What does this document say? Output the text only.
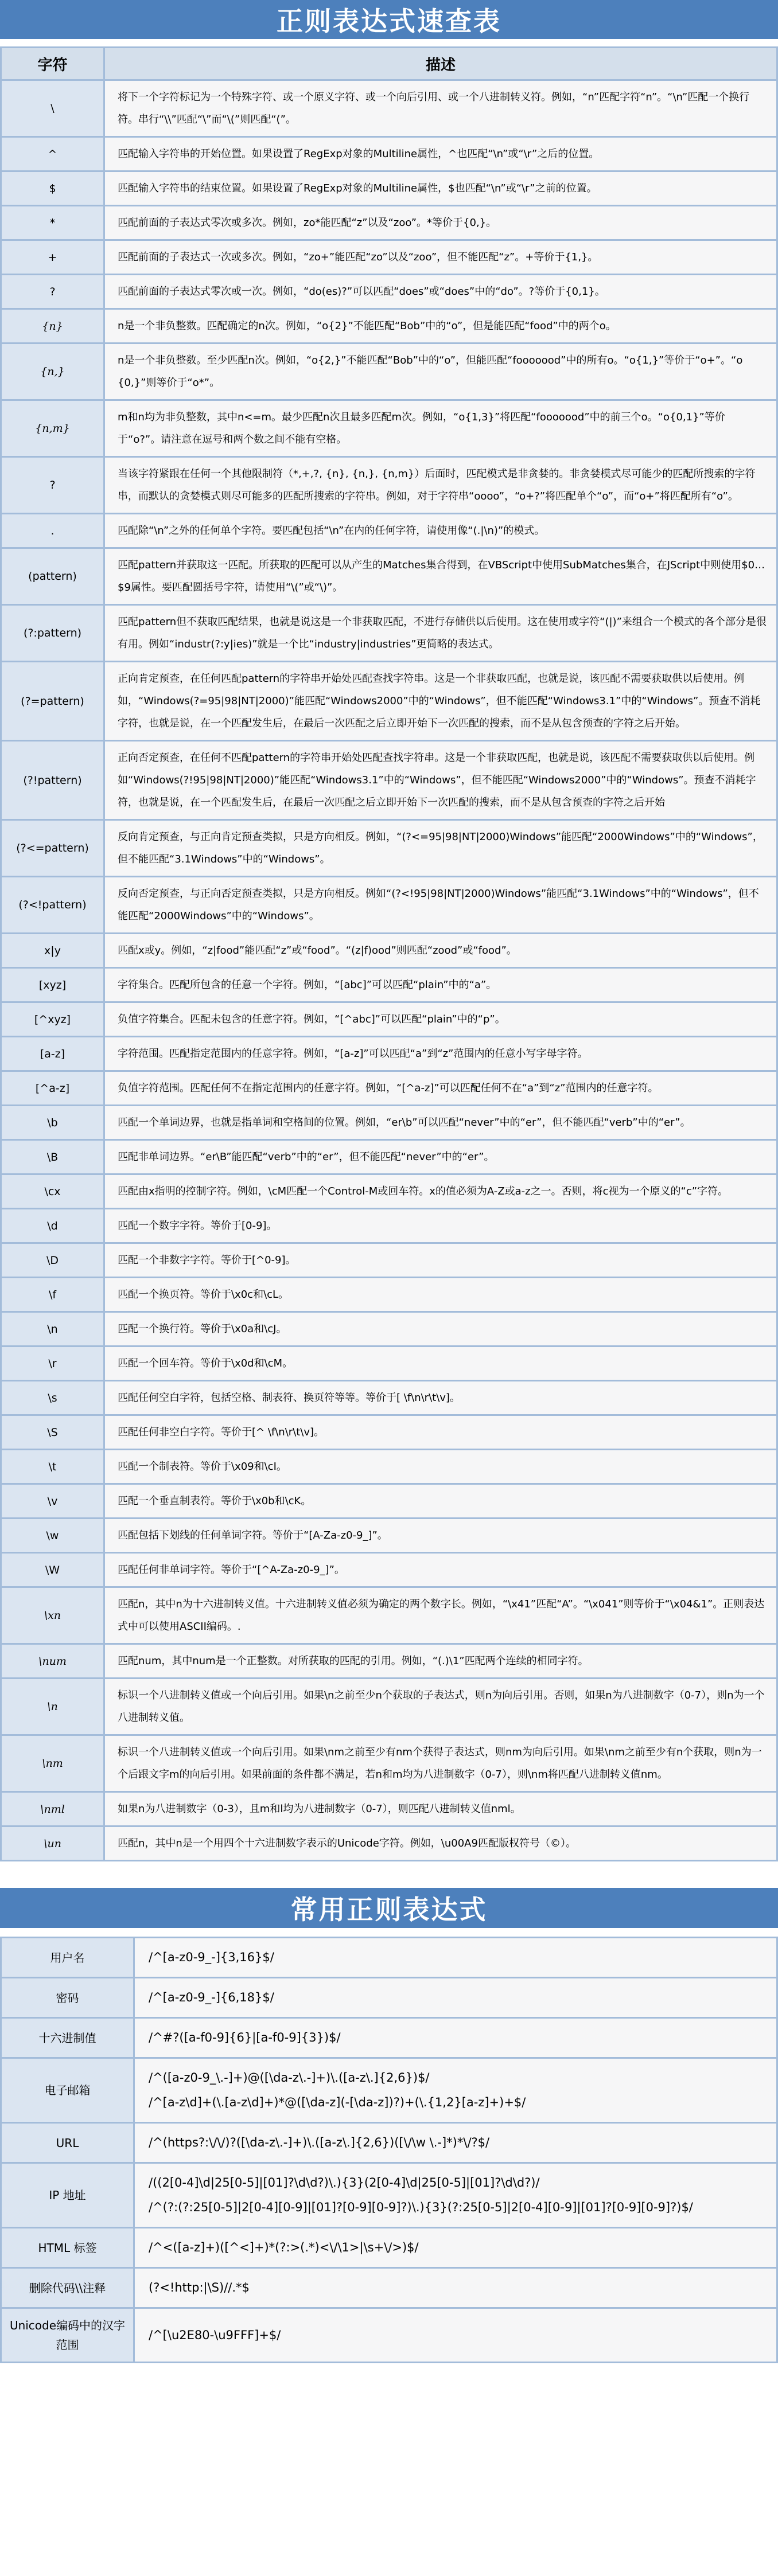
正则表达式速查表
字符	描述
\	将下一个字符标记为一个特殊字符、或一个原义字符、或一个向后引用、或一个八进制转义符。例如，“n”匹配字符“n”。“\n”匹配一个换行符。串行“\\”匹配“\”而“\(”则匹配“(”。
^	匹配输入字符串的开始位置。如果设置了RegExp对象的Multiline属性，^也匹配“\n”或“\r”之后的位置。
$	匹配输入字符串的结束位置。如果设置了RegExp对象的Multiline属性，$也匹配“\n”或“\r”之前的位置。
*	匹配前面的子表达式零次或多次。例如，zo*能匹配“z”以及“zoo”。*等价于{0,}。
+	匹配前面的子表达式一次或多次。例如，“zo+”能匹配“zo”以及“zoo”，但不能匹配“z”。+等价于{1,}。
?	匹配前面的子表达式零次或一次。例如，“do(es)?”可以匹配“does”或“does”中的“do”。?等价于{0,1}。
{n}	n是一个非负整数。匹配确定的n次。例如，“o{2}”不能匹配“Bob”中的“o”，但是能匹配“food”中的两个o。
{n,}	n是一个非负整数。至少匹配n次。例如，“o{2,}”不能匹配“Bob”中的“o”，但能匹配“fooooood”中的所有o。“o{1,}”等价于“o+”。“o{0,}”则等价于“o*”。
{n,m}	m和n均为非负整数，其中n<=m。最少匹配n次且最多匹配m次。例如，“o{1,3}”将匹配“fooooood”中的前三个o。“o{0,1}”等价于“o?”。请注意在逗号和两个数之间不能有空格。
?	当该字符紧跟在任何一个其他限制符（*,+,?, {n}, {n,}, {n,m}）后面时，匹配模式是非贪婪的。非贪婪模式尽可能少的匹配所搜索的字符串，而默认的贪婪模式则尽可能多的匹配所搜索的字符串。例如，对于字符串“oooo”，“o+?”将匹配单个“o”，而“o+”将匹配所有“o”。
.	匹配除“\n”之外的任何单个字符。要匹配包括“\n”在内的任何字符，请使用像“(.|\n)”的模式。
(pattern)	匹配pattern并获取这一匹配。所获取的匹配可以从产生的Matches集合得到，在VBScript中使用SubMatches集合，在JScript中则使用$0…$9属性。要匹配圆括号字符，请使用“\(”或“\)”。
(?:pattern)	匹配pattern但不获取匹配结果，也就是说这是一个非获取匹配，不进行存储供以后使用。这在使用或字符“(|)”来组合一个模式的各个部分是很有用。例如“industr(?:y|ies)”就是一个比“industry|industries”更简略的表达式。
(?=pattern)	正向肯定预查，在任何匹配pattern的字符串开始处匹配查找字符串。这是一个非获取匹配，也就是说，该匹配不需要获取供以后使用。例如，“Windows(?=95|98|NT|2000)”能匹配“Windows2000”中的“Windows”，但不能匹配“Windows3.1”中的“Windows”。预查不消耗字符，也就是说，在一个匹配发生后，在最后一次匹配之后立即开始下一次匹配的搜索，而不是从包含预查的字符之后开始。
(?!pattern)	正向否定预查，在任何不匹配pattern的字符串开始处匹配查找字符串。这是一个非获取匹配，也就是说，该匹配不需要获取供以后使用。例如“Windows(?!95|98|NT|2000)”能匹配“Windows3.1”中的“Windows”，但不能匹配“Windows2000”中的“Windows”。预查不消耗字符，也就是说，在一个匹配发生后，在最后一次匹配之后立即开始下一次匹配的搜索，而不是从包含预查的字符之后开始
(?<=pattern)	反向肯定预查，与正向肯定预查类拟，只是方向相反。例如，“(?<=95|98|NT|2000)Windows”能匹配“2000Windows”中的“Windows”，但不能匹配“3.1Windows”中的“Windows”。
(?<!pattern)	反向否定预查，与正向否定预查类拟，只是方向相反。例如“(?<!95|98|NT|2000)Windows”能匹配“3.1Windows”中的“Windows”，但不能匹配“2000Windows”中的“Windows”。
x|y	匹配x或y。例如，“z|food”能匹配“z”或“food”。“(z|f)ood”则匹配“zood”或“food”。
[xyz]	字符集合。匹配所包含的任意一个字符。例如，“[abc]”可以匹配“plain”中的“a”。
[^xyz]	负值字符集合。匹配未包含的任意字符。例如，“[^abc]”可以匹配“plain”中的“p”。
[a-z]	字符范围。匹配指定范围内的任意字符。例如，“[a-z]”可以匹配“a”到“z”范围内的任意小写字母字符。
[^a-z]	负值字符范围。匹配任何不在指定范围内的任意字符。例如，“[^a-z]”可以匹配任何不在“a”到“z”范围内的任意字符。
\b	匹配一个单词边界，也就是指单词和空格间的位置。例如，“er\b”可以匹配“never”中的“er”，但不能匹配“verb”中的“er”。
\B	匹配非单词边界。“er\B”能匹配“verb”中的“er”，但不能匹配“never”中的“er”。
\cx	匹配由x指明的控制字符。例如，\cM匹配一个Control-M或回车符。x的值必须为A-Z或a-z之一。否则，将c视为一个原义的“c”字符。
\d	匹配一个数字字符。等价于[0-9]。
\D	匹配一个非数字字符。等价于[^0-9]。
\f	匹配一个换页符。等价于\x0c和\cL。
\n	匹配一个换行符。等价于\x0a和\cJ。
\r	匹配一个回车符。等价于\x0d和\cM。
\s	匹配任何空白字符，包括空格、制表符、换页符等等。等价于[ \f\n\r\t\v]。
\S	匹配任何非空白字符。等价于[^ \f\n\r\t\v]。
\t	匹配一个制表符。等价于\x09和\cI。
\v	匹配一个垂直制表符。等价于\x0b和\cK。
\w	匹配包括下划线的任何单词字符。等价于“[A-Za-z0-9_]”。
\W	匹配任何非单词字符。等价于“[^A-Za-z0-9_]”。
\xn	匹配n，其中n为十六进制转义值。十六进制转义值必须为确定的两个数字长。例如，“\x41”匹配“A”。“\x041”则等价于“\x04&1”。正则表达式中可以使用ASCII编码。.
\num	匹配num，其中num是一个正整数。对所获取的匹配的引用。例如，“(.)\1”匹配两个连续的相同字符。
\n	标识一个八进制转义值或一个向后引用。如果\n之前至少n个获取的子表达式，则n为向后引用。否则，如果n为八进制数字（0-7），则n为一个八进制转义值。
\nm	标识一个八进制转义值或一个向后引用。如果\nm之前至少有nm个获得子表达式，则nm为向后引用。如果\nm之前至少有n个获取，则n为一个后跟文字m的向后引用。如果前面的条件都不满足，若n和m均为八进制数字（0-7），则\nm将匹配八进制转义值nm。
\nml	如果n为八进制数字（0-3），且m和l均为八进制数字（0-7），则匹配八进制转义值nml。
\un	匹配n，其中n是一个用四个十六进制数字表示的Unicode字符。例如，\u00A9匹配版权符号（©）。
常用正则表达式
用户名	/^[a-z0-9_-]{3,16}$/

密码	/^[a-z0-9_-]{6,18}$/

十六进制值	/^#?([a-f0-9]{6}|[a-f0-9]{3})$/

电子邮箱	/^([a-z0-9_\.-]+)@([\da-z\.-]+)\.([a-z\.]{2,6})$/
/^[a-z\d]+(\.[a-z\d]+)*@([\da-z](-[\da-z])?)+(\.{1,2}[a-z]+)+$/

URL	/^(https?:\/\/)?([\da-z\.-]+)\.([a-z\.]{2,6})([\/\w \.-]*)*\/?$/

IP 地址	/((2[0-4]\d|25[0-5]|[01]?\d\d?)\.){3}(2[0-4]\d|25[0-5]|[01]?\d\d?)/
/^(?:(?:25[0-5]|2[0-4][0-9]|[01]?[0-9][0-9]?)\.){3}(?:25[0-5]|2[0-4][0-9]|[01]?[0-9][0-9]?)$/

HTML 标签	/^<([a-z]+)([^<]+)*(?:>(.*)<\/\1>|\s+\/>)$/

删除代码\\注释	(?<!http:|\S)//.*$

Unicode编码中的汉字范围	/^[\u2E80-\u9FFF]+$/
